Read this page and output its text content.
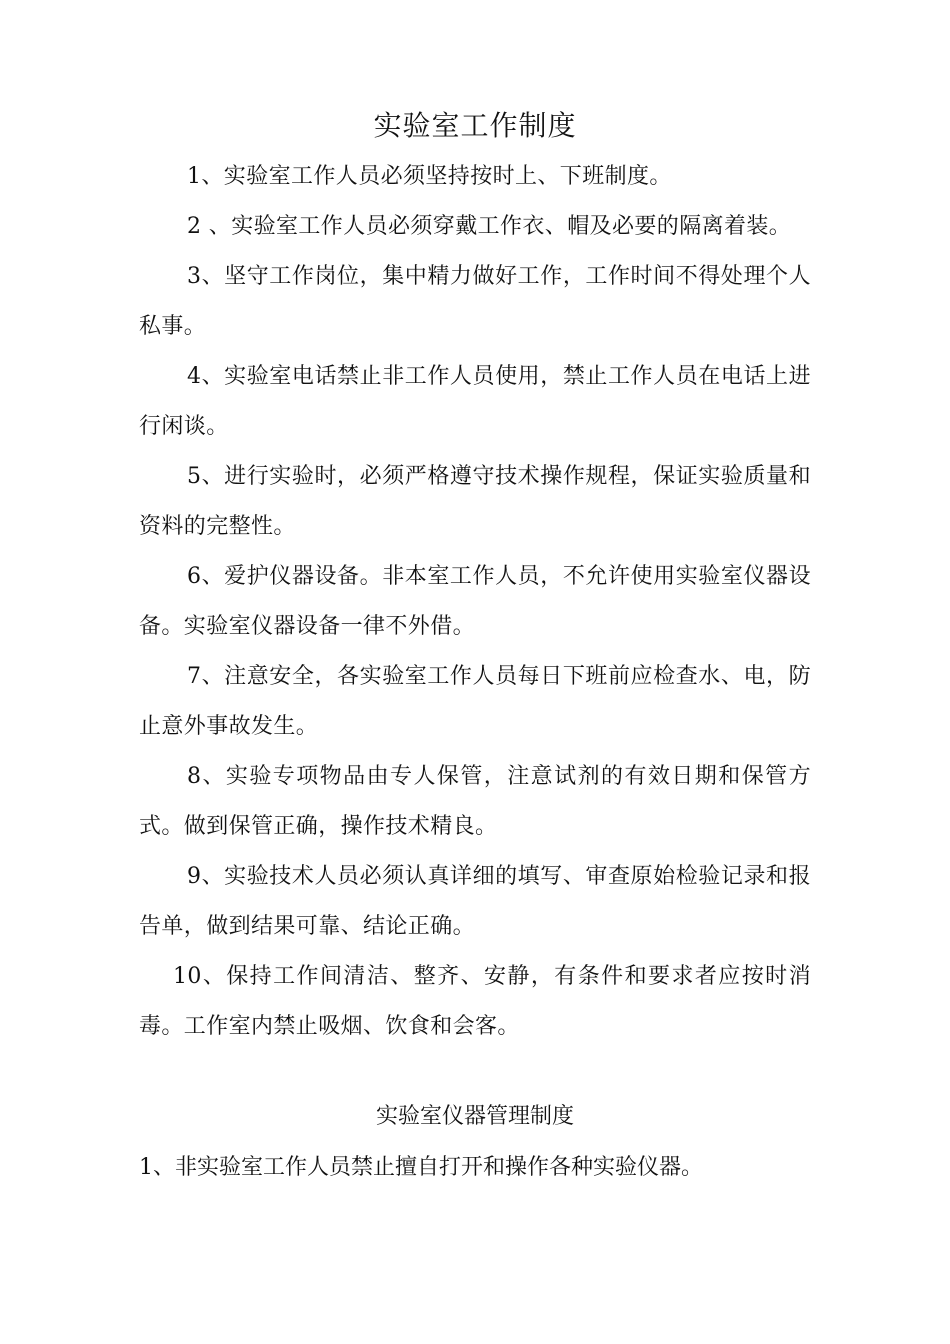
实验室工作制度

1、实验室工作人员必须坚持按时上、下班制度。

2 、实验室工作人员必须穿戴工作衣、帽及必要的隔离着装。

3、坚守工作岗位，集中精力做好工作，工作时间不得处理个人私事。

4、实验室电话禁止非工作人员使用，禁止工作人员在电话上进行闲谈。

5、进行实验时，必须严格遵守技术操作规程，保证实验质量和资料的完整性。

6、爱护仪器设备。非本室工作人员，不允许使用实验室仪器设备。实验室仪器设备一律不外借。

7、注意安全，各实验室工作人员每日下班前应检查水、电，防止意外事故发生。

8、实验专项物品由专人保管，注意试剂的有效日期和保管方式。做到保管正确，操作技术精良。

9、实验技术人员必须认真详细的填写、审查原始检验记录和报告单，做到结果可靠、结论正确。

10、保持工作间清洁、整齐、安静，有条件和要求者应按时消毒。工作室内禁止吸烟、饮食和会客。

实验室仪器管理制度

1、非实验室工作人员禁止擅自打开和操作各种实验仪器。
